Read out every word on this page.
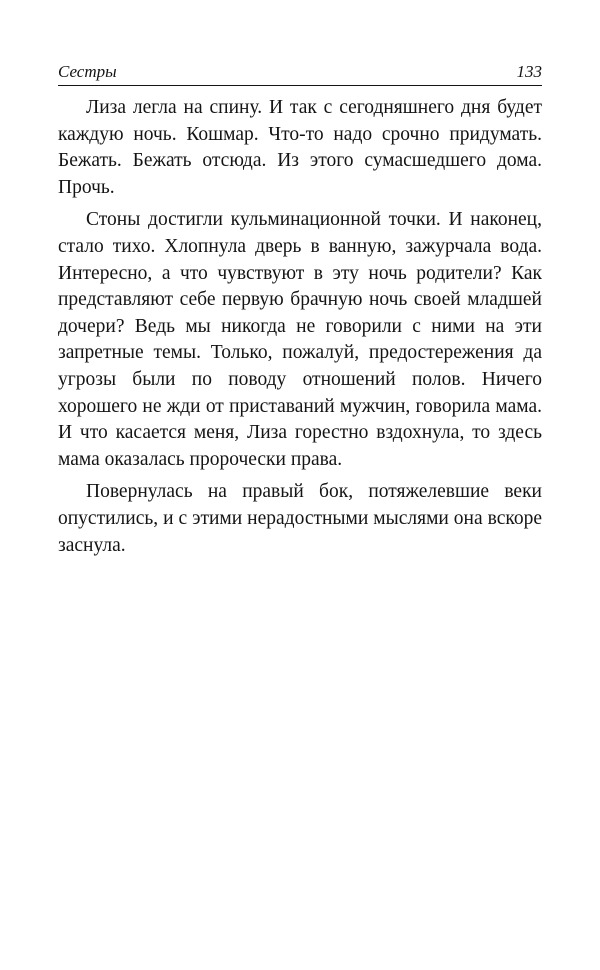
Сестры	133

Лиза легла на спину. И так с сегодняшнего дня будет каждую ночь. Кошмар. Что-то надо срочно придумать. Бежать. Бежать отсюда. Из этого сумасшедшего дома. Прочь.

Стоны достигли кульминационной точки. И наконец, стало тихо. Хлопнула дверь в ванную, зажурчала вода. Интересно, а что чувствуют в эту ночь родители? Как представляют себе первую брачную ночь своей младшей дочери? Ведь мы никогда не говорили с ними на эти запретные темы. Только, пожалуй, предостережения да угрозы были по поводу отношений полов. Ничего хорошего не жди от приставаний мужчин, говорила мама. И что касается меня, Лиза горестно вздохнула, то здесь мама оказалась пророчески права.

Повернулась на правый бок, потяжелевшие веки опустились, и с этими нерадостными мыслями она вскоре заснула.
